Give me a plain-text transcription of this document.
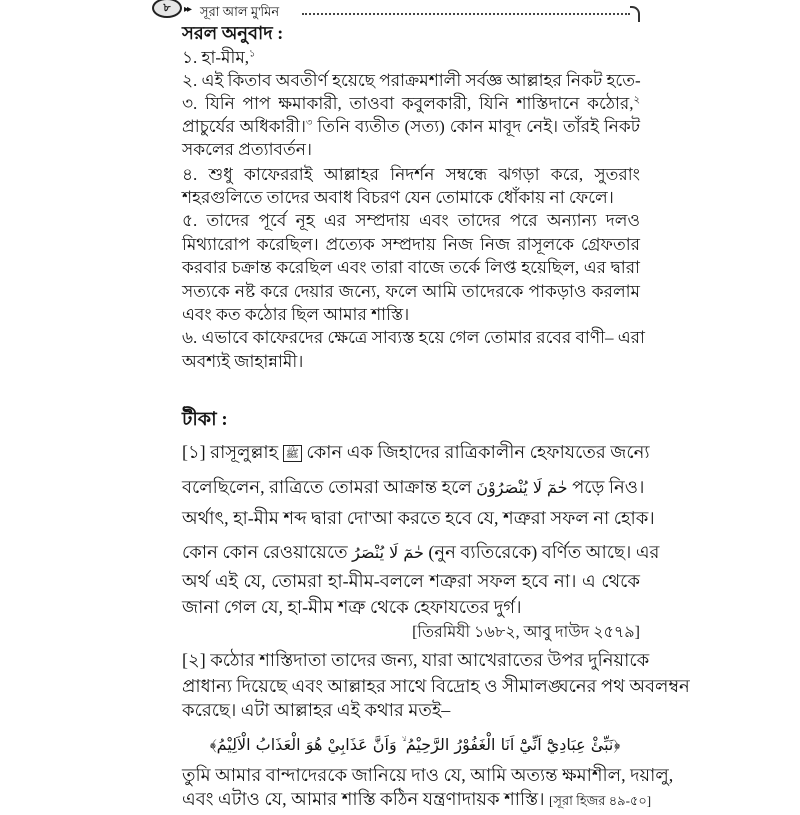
৮	▸▸ সূরা আল মু'মিন
সরল অনুবাদ :
১. হা-মীম,$^১$
২. এই কিতাব অবতীর্ণ হয়েছে পরাক্রমশালী সর্বজ্ঞ আল্লাহর নিকট হতে-
৩. যিনি পাপ ক্ষমাকারী, তাওবা কবুলকারী, যিনি শাস্তিদানে কঠোর,$^২$
প্রাচুর্যের অধিকারী।$^৩$ তিনি ব্যতীত (সত্য) কোন মাবূদ নেই। তাঁরই নিকট
সকলের প্রত্যাবর্তন।
৪. শুধু কাফেররাই আল্লাহর নিদর্শন সম্বন্ধে ঝগড়া করে, সুতরাং
শহরগুলিতে তাদের অবাধ বিচরণ যেন তোমাকে ধোঁকায় না ফেলে।
৫. তাদের পূর্বে নূহ এর সম্প্রদায় এবং তাদের পরে অন্যান্য দলও
মিথ্যারোপ করেছিল। প্রত্যেক সম্প্রদায় নিজ নিজ রাসূলকে গ্রেফতার
করবার চক্রান্ত করেছিল এবং তারা বাজে তর্কে লিপ্ত হয়েছিল, এর দ্বারা
সত্যকে নষ্ট করে দেয়ার জন্যে, ফলে আমি তাদেরকে পাকড়াও করলাম
এবং কত কঠোর ছিল আমার শাস্তি।
৬. এভাবে কাফেরদের ক্ষেত্রে সাব্যস্ত হয়ে গেল তোমার রবের বাণী– এরা
অবশ্যই জাহান্নামী।
টীকা :
[১] রাসূলুল্লাহ ﷺ কোন এক জিহাদের রাত্রিকালীন হেফাযতের জন্যে
বলেছিলেন, রাত্রিতে তোমরা আক্রান্ত হলে حٰمٓ لَا يُنْصَرُوْنَ পড়ে নিও।
অর্থাৎ, হা-মীম শব্দ দ্বারা দো'আ করতে হবে যে, শত্রুরা সফল না হোক।
কোন কোন রেওয়ায়েতে حٰمٓ لَا يُنْصَرُ (নুন ব্যতিরেকে) বর্ণিত আছে। এর
অর্থ এই যে, তোমরা হা-মীম-বললে শত্রুরা সফল হবে না। এ থেকে
জানা গেল যে, হা-মীম শত্রু থেকে হেফাযতের দুর্গ।
[তিরমিযী ১৬৮২, আবু দাউদ ২৫৭৯]
[২] কঠোর শাস্তিদাতা তাদের জন্য, যারা আখেরাতের উপর দুনিয়াকে
প্রাধান্য দিয়েছে এবং আল্লাহর সাথে বিদ্রোহ ও সীমালঙ্ঘনের পথ অবলম্বন
করেছে। এটা আল্লাহর এই কথার মতই–
﴿نَبِّئْ عِبَادِيْٓ اَنِّيْٓ اَنَا الْغَفُوْرُ الرَّحِيْمُ ۙ وَاَنَّ عَذَابِيْ هُوَ الْعَذَابُ الْاَلِيْمُ﴾
তুমি আমার বান্দাদেরকে জানিয়ে দাও যে, আমি অত্যন্ত ক্ষমাশীল, দয়ালু,
এবং এটাও যে, আমার শাস্তি কঠিন যন্ত্রণাদায়ক শাস্তি। [সূরা হিজর ৪৯-৫০]
